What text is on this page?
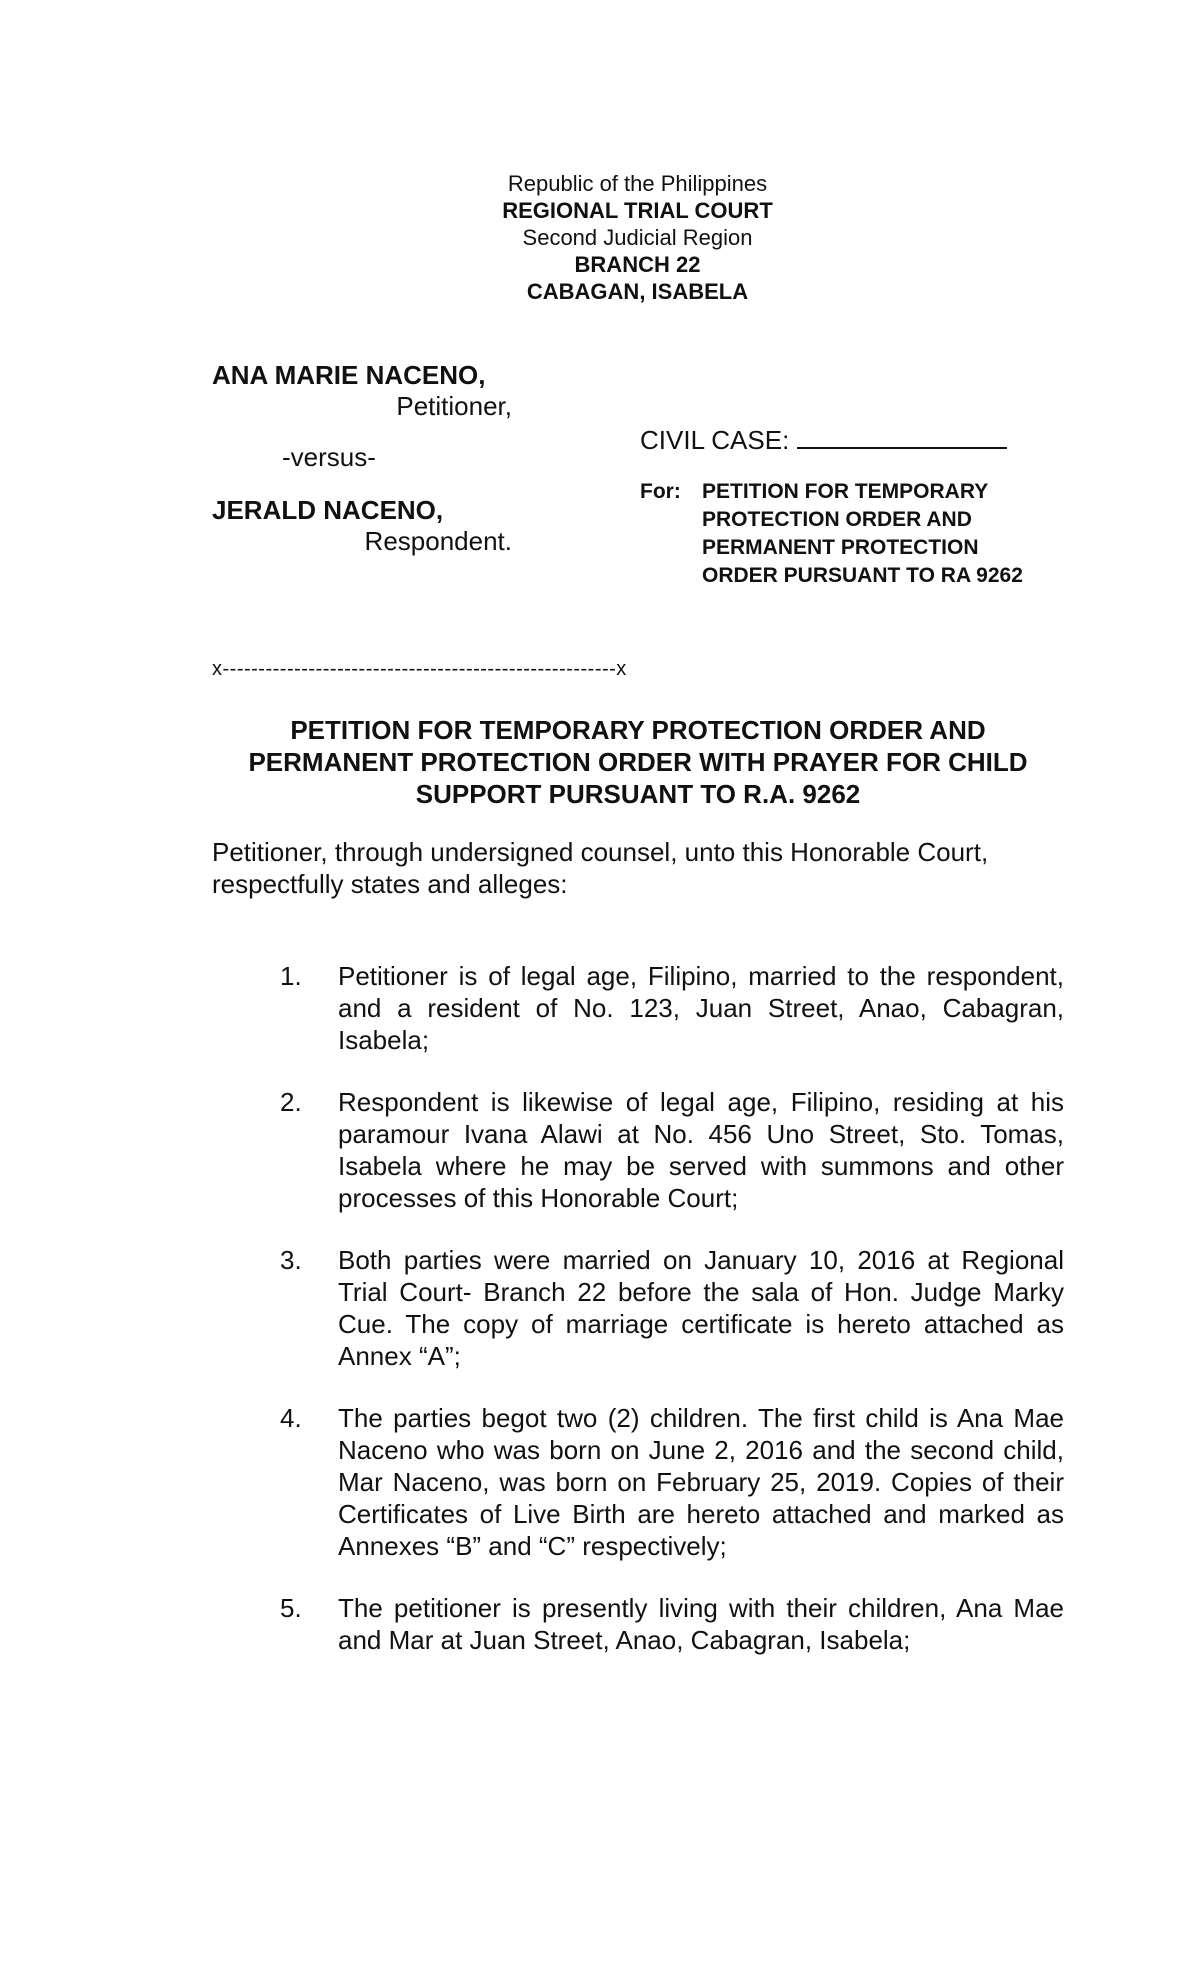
Republic of the Philippines
REGIONAL TRIAL COURT
Second Judicial Region
BRANCH 22
CABAGAN, ISABELA
ANA MARIE NACENO,
Petitioner,
-versus-
JERALD NACENO,
Respondent.
CIVIL CASE:
For:	PETITION FOR TEMPORARY PROTECTION ORDER AND PERMANENT PROTECTION ORDER PURSUANT TO RA 9262
x-------------------------------------------------------x
PETITION FOR TEMPORARY PROTECTION ORDER AND PERMANENT PROTECTION ORDER WITH PRAYER FOR CHILD SUPPORT PURSUANT TO R.A. 9262
Petitioner, through undersigned counsel, unto this Honorable Court, respectfully states and alleges:
1.	Petitioner is of legal age, Filipino, married to the respondent, and a resident of No. 123, Juan Street, Anao, Cabagran, Isabela;
2.	Respondent is likewise of legal age, Filipino, residing at his paramour Ivana Alawi at No. 456 Uno Street, Sto. Tomas, Isabela where he may be served with summons and other processes of this Honorable Court;
3.	Both parties were married on January 10, 2016 at Regional Trial Court- Branch 22 before the sala of Hon. Judge Marky Cue. The copy of marriage certificate is hereto attached as Annex “A”;
4.	The parties begot two (2) children. The first child is Ana Mae Naceno who was born on June 2, 2016 and the second child, Mar Naceno, was born on February 25, 2019. Copies of their Certificates of Live Birth are hereto attached and marked as Annexes “B” and “C” respectively;
5.	The petitioner is presently living with their children, Ana Mae and Mar at Juan Street, Anao, Cabagran, Isabela;
